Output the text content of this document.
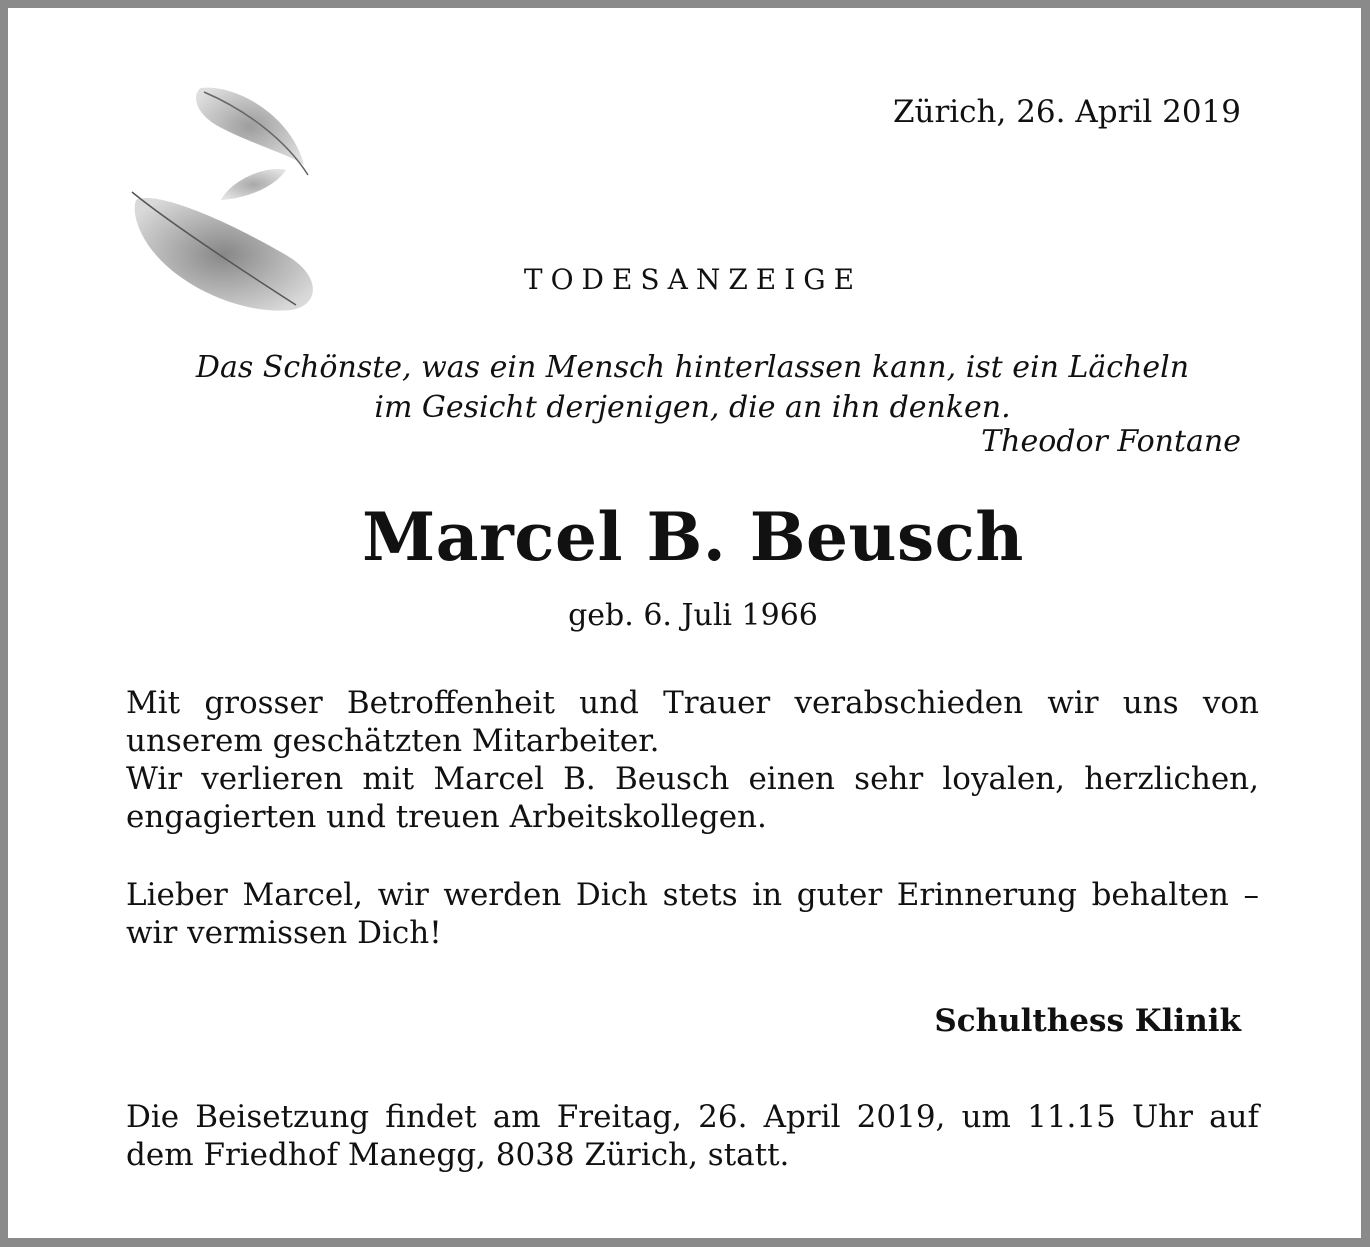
Zürich, 26. April 2019
TODESANZEIGE
Das Schönste, was ein Mensch hinterlassen kann, ist ein Lächeln
im Gesicht derjenigen, die an ihn denken.
Theodor Fontane
Marcel B. Beusch
geb. 6. Juli 1966
Mit grosser Betroffenheit und Trauer verabschieden wir uns von unserem geschätzten Mitarbeiter.
Wir verlieren mit Marcel B. Beusch einen sehr loyalen, herzlichen, engagierten und treuen Arbeitskollegen.
Lieber Marcel, wir werden Dich stets in guter Erinnerung behalten – wir vermissen Dich!
Schulthess Klinik
Die Beisetzung findet am Freitag, 26. April 2019, um 11.15 Uhr auf dem Friedhof Manegg, 8038 Zürich, statt.
